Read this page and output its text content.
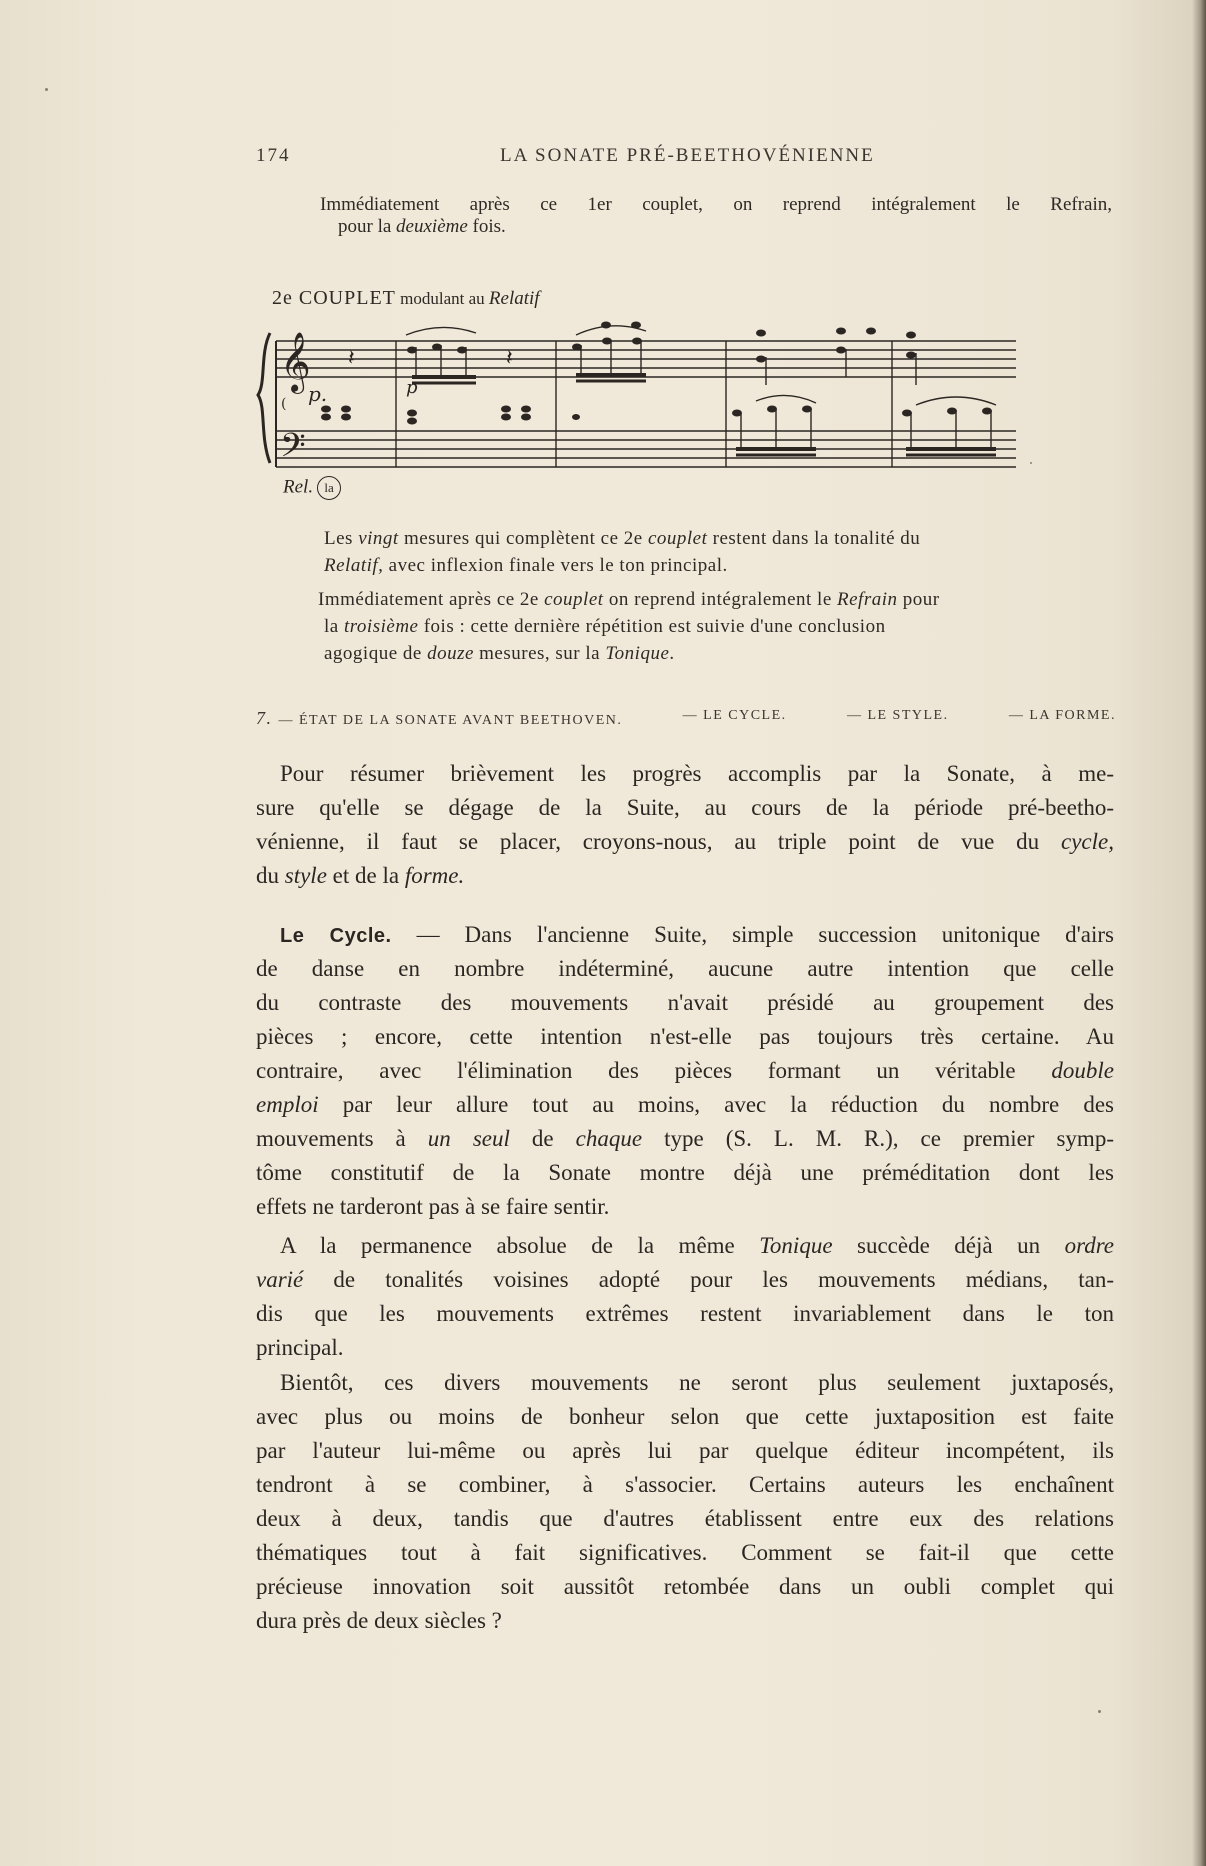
174	LA SONATE PRÉ-BEETHOVÉNIENNE
Immédiatement après ce 1er couplet, on reprend intégralement le Refrain,
pour la deuxième fois.
2e COUPLET modulant au Relatif
𝄞
𝄢
𝄽	𝄽
p.	p
(
Rel. la
Les vingt mesures qui complètent ce 2e couplet restent dans la tonalité du
Relatif, avec inflexion finale vers le ton principal.
Immédiatement après ce 2e couplet on reprend intégralement le Refrain pour
la troisième fois : cette dernière répétition est suivie d'une conclusion
agogique de douze mesures, sur la Tonique.
7. — ÉTAT DE LA SONATE AVANT BEETHOVEN.	— LE CYCLE.	— LE STYLE.	— LA FORME.
Pour résumer brièvement les progrès accomplis par la Sonate, à me-
sure qu'elle se dégage de la Suite, au cours de la période pré-beetho-
vénienne, il faut se placer, croyons-nous, au triple point de vue du cycle,
du style et de la forme.
Le Cycle. — Dans l'ancienne Suite, simple succession unitonique d'airs
de danse en nombre indéterminé, aucune autre intention que celle
du contraste des mouvements n'avait présidé au groupement des
pièces ; encore, cette intention n'est-elle pas toujours très certaine. Au
contraire, avec l'élimination des pièces formant un véritable double
emploi par leur allure tout au moins, avec la réduction du nombre des
mouvements à un seul de chaque type (S. L. M. R.), ce premier symp-
tôme constitutif de la Sonate montre déjà une préméditation dont les
effets ne tarderont pas à se faire sentir.
A la permanence absolue de la même Tonique succède déjà un ordre
varié de tonalités voisines adopté pour les mouvements médians, tan-
dis que les mouvements extrêmes restent invariablement dans le ton
principal.
Bientôt, ces divers mouvements ne seront plus seulement juxtaposés,
avec plus ou moins de bonheur selon que cette juxtaposition est faite
par l'auteur lui-même ou après lui par quelque éditeur incompétent, ils
tendront à se combiner, à s'associer. Certains auteurs les enchaînent
deux à deux, tandis que d'autres établissent entre eux des relations
thématiques tout à fait significatives. Comment se fait-il que cette
précieuse innovation soit aussitôt retombée dans un oubli complet qui
dura près de deux siècles ?
